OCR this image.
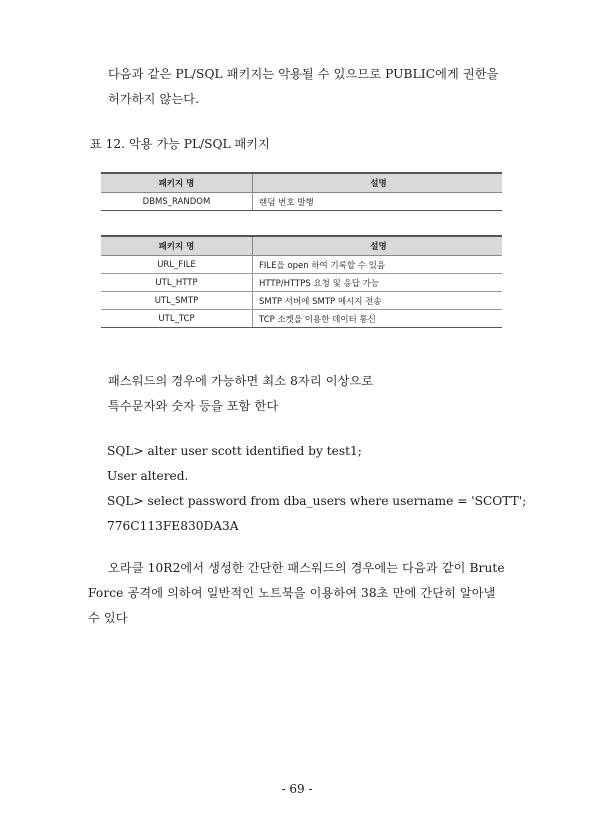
다음과 같은 PL/SQL 패키지는 악용될 수 있으므로 PUBLIC에게 권한을
허가하지 않는다.
표 12. 악용 가능 PL/SQL 패키지
패키지 명	설명
DBMS_RANDOM	랜덤 번호 발행
패키지 명	설명
URL_FILE	FILE을 open 하여 기록할 수 있음
UTL_HTTP	HTTP/HTTPS 요청 및 응답 가능
UTL_SMTP	SMTP 서버에 SMTP 메시지 전송
UTL_TCP	TCP 소켓을 이용한 데이터 통신
패스워드의 경우에 가능하면 최소 8자리 이상으로
특수문자와 숫자 등을 포함 한다
SQL> alter user scott identified by test1;
User altered.
SQL> select password from dba_users where username = 'SCOTT';
776C113FE830DA3A
오라클 10R2에서 생성한 간단한 패스워드의 경우에는 다음과 같이 Brute
Force 공격에 의하여 일반적인 노트북을 이용하여 38초 만에 간단히 알아낼
수 있다
- 69 -
